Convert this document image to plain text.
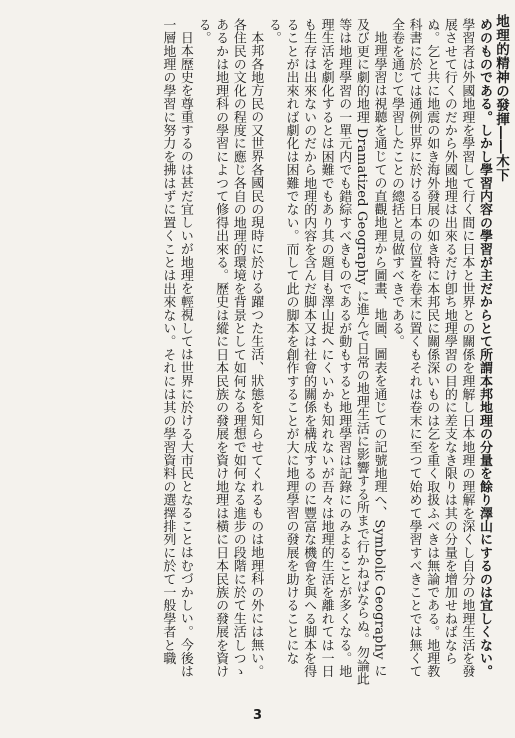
地理的精神の發揮――木下

めのものである。しかし學習内容の學習が主だからとて所謂本邦地理の分量を餘り澤山にするのは宜しくない。學習者は外國地理を學習して行く間に日本と世界との關係を理解し日本地理の理解を深くし自分の地理生活を發展させて行くのだから外國地理は出來るだけ卽ち地理學習の目的に差支なき限りは其の分量を增加せねばならぬ。乞と共に地震の如き海外發展の如き特に本邦民に關係深いものは乞を重く取扱ふべきは無論である。地理教科書に於ては通例世界に於ける日本の位置を卷末に置くもそれは卷末に至つて始めて學習すべきことでは無くて全卷を通じて學習したことの總括と見做すべきである。

地理學習は視聽を通じての直觀地理から圖畫、地圖、圖表を通じての記號地理へ、Symbolic Geography に及び更に劇的地理 Dramatized Geography に進んで日常の地理生活に影響する所まで行かねばならぬ。勿論此等は地理學習の一單元内でも錯綜すべきものであるが動もすると地理學習は記錄にのみよることが多くなる。地理生活を劇化するとは困難でもあり其の題目も澤山捉へにくいかも知れないが吾々は地理的生活を離れては一日も生存は出來ないのだから地理的内容を含んだ脚本又は社會的關係を構成するのに豐富な機會を與へる脚本を得ることが出來れば劇化は困難でない。而して此の脚本を創作することが大に地理學習の發展を助けることになる。

本邦各地方民の又世界各國民の現時に於ける躍つた生活、狀態を知らせてくれるものは地理科の外には無い。各住民の文化の程度に應じ各自の地理的環境を背景として如何なる理想で如何なる進步の段階に於て生活しつゝあるかは地理科の學習によつて修得出來る。歷史は縱に日本民族の發展を資け地理は橫に日本民族の發展を資ける。

日本歷史を尊重するのは甚だ宜しいが地理を輕視しては世界に於ける大市民となることはむづかしい。今後は一層地理の學習に努力を拂はずに置くことは出來ない。それには其の學習資料の選擇排列に於て一般學者と職

3
